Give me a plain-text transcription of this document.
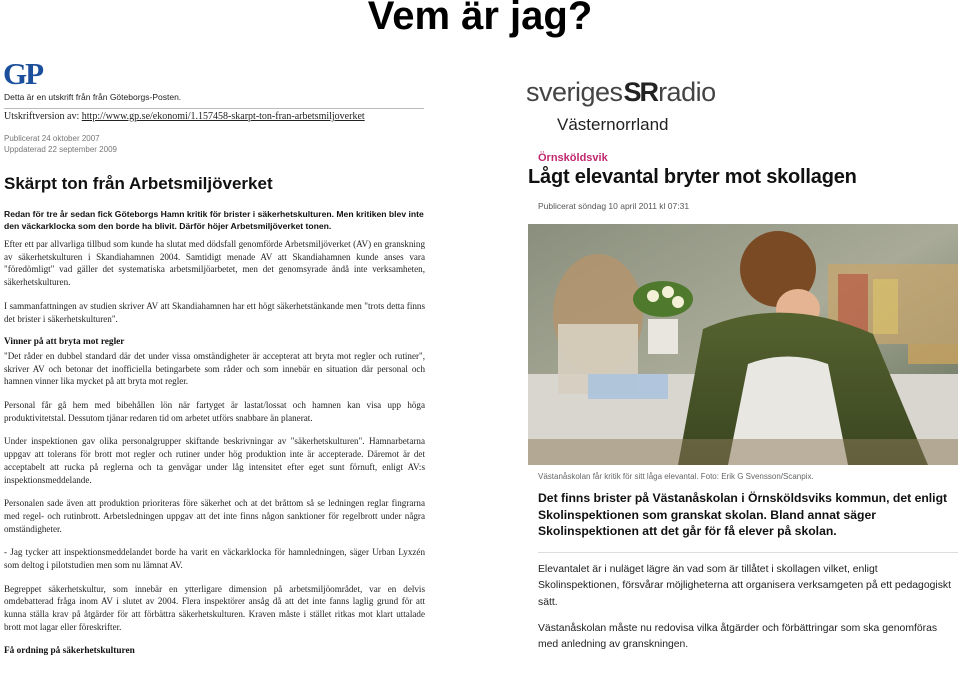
Vem är jag?
GP
Detta är en utskrift från från Göteborgs-Posten.
Utskriftversion av: http://www.gp.se/ekonomi/1.157458-skarpt-ton-fran-arbetsmiljoverket
Publicerat 24 oktober 2007
Uppdaterad 22 september 2009
Skärpt ton från Arbetsmiljöverket
Redan för tre år sedan fick Göteborgs Hamn kritik för brister i säkerhetskulturen. Men kritiken blev inte den väckarklocka som den borde ha blivit. Därför höjer Arbetsmiljöverket tonen.

Efter ett par allvarliga tillbud som kunde ha slutat med dödsfall genomförde Arbetsmiljöverket (AV) en granskning av säkerhetskulturen i Skandiahamnen 2004. Samtidigt menade AV att Skandiahamnen kunde anses vara "föredömligt" vad gäller det systematiska arbetsmiljöarbetet, men det genomsyrade ändå inte verksamheten, säkerhetskulturen.

I sammanfattningen av studien skriver AV att Skandiahamnen har ett högt säkerhetstänkande men "trots detta finns det brister i säkerhetskulturen".

Vinner på att bryta mot regler

"Det råder en dubbel standard där det under vissa omständigheter är accepterat att bryta mot regler och rutiner", skriver AV och betonar det inofficiella betingarbete som råder och som innebär en situation där personal och hamnen vinner lika mycket på att bryta mot regler.

Personal får gå hem med bibehållen lön när fartyget är lastat/lossat och hamnen kan visa upp höga produktivitetstal. Dessutom tjänar redaren tid om arbetet utförs snabbare än planerat.

Under inspektionen gav olika personalgrupper skiftande beskrivningar av "säkerhetskulturen". Hamnarbetarna uppgav att tolerans för brott mot regler och rutiner under hög produktion inte är accepterade. Däremot är det acceptabelt att rucka på reglerna och ta genvägar under låg intensitet efter eget sunt förnuft, enligt AV:s inspektionsmeddelande.

Personalen sade även att produktion prioriteras före säkerhet och at det bråttom så se ledningen reglar fingrarna med regel- och rutinbrott. Arbetsledningen uppgav att det inte finns någon sanktioner för regelbrott under några omständigheter.

- Jag tycker att inspektionsmeddelandet borde ha varit en väckarklocka för hamnledningen, säger Urban Lyxzén som deltog i pilotstudien men som nu lämnat AV.

Begreppet säkerhetskultur, som innebär en ytterligare dimension på arbetsmiljöområdet, var en delvis omdebatterad fråga inom AV i slutet av 2004. Flera inspektörer ansåg då att det inte fanns laglig grund för att kunna ställa krav på åtgärder för att förbättra säkerhetskulturen. Kraven måste i stället ritkas mot klart uttalade brott mot lagar eller föreskrifter.

Få ordning på säkerhetskulturen
sveriges SR radio
Västernorrland
Örnsköldsvik
Lågt elevantal bryter mot skollagen
Publicerat söndag 10 april 2011 kl 07:31
Västanåskolan får kritik för sitt låga elevantal. Foto: Erik G Svensson/Scanpix.
Det finns brister på Västanåskolan i Örnsköldsviks kommun, det enligt Skolinspektionen som granskat skolan. Bland annat säger Skolinspektionen att det går för få elever på skolan.

Elevantalet är i nuläget lägre än vad som är tillåtet i skollagen vilket, enligt Skolinspektionen, försvårar möjligheterna att organisera verksamgeten på ett pedagogiskt sätt.

Västanåskolan måste nu redovisa vilka åtgärder och förbättringar som ska genomföras med anledning av granskningen.
